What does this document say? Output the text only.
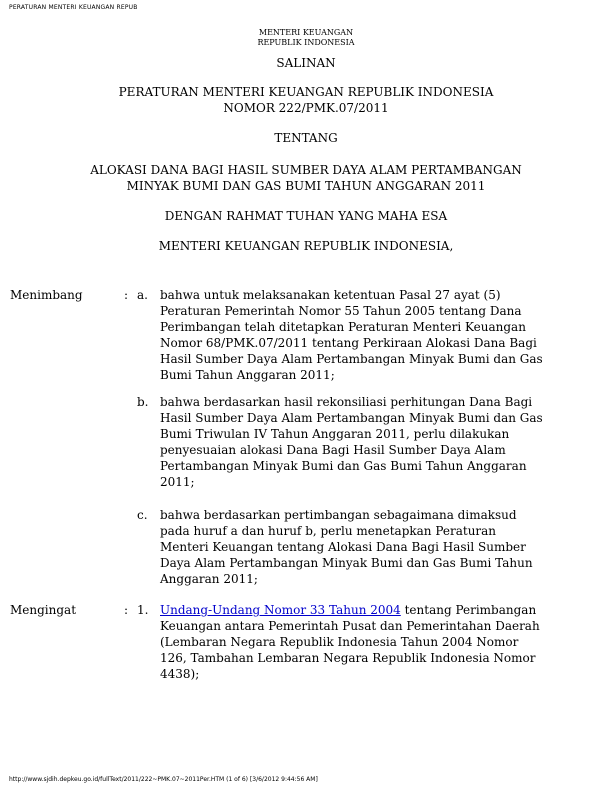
PERATURAN MENTERI KEUANGAN REPUB
MENTERI KEUANGAN
REPUBLIK INDONESIA
SALINAN
PERATURAN MENTERI KEUANGAN REPUBLIK INDONESIA
NOMOR 222/PMK.07/2011
TENTANG
ALOKASI DANA BAGI HASIL SUMBER DAYA ALAM PERTAMBANGAN
MINYAK BUMI DAN GAS BUMI TAHUN ANGGARAN 2011
DENGAN RAHMAT TUHAN YANG MAHA ESA
MENTERI KEUANGAN REPUBLIK INDONESIA,
Menimbang	: a. bahwa untuk melaksanakan ketentuan Pasal 27 ayat (5)
Peraturan Pemerintah Nomor 55 Tahun 2005 tentang Dana
Perimbangan telah ditetapkan Peraturan Menteri Keuangan
Nomor 68/PMK.07/2011 tentang Perkiraan Alokasi Dana Bagi
Hasil Sumber Daya Alam Pertambangan Minyak Bumi dan Gas
Bumi Tahun Anggaran 2011;
b. bahwa berdasarkan hasil rekonsiliasi perhitungan Dana Bagi
Hasil Sumber Daya Alam Pertambangan Minyak Bumi dan Gas
Bumi Triwulan IV Tahun Anggaran 2011, perlu dilakukan
penyesuaian alokasi Dana Bagi Hasil Sumber Daya Alam
Pertambangan Minyak Bumi dan Gas Bumi Tahun Anggaran
2011;
c. bahwa berdasarkan pertimbangan sebagaimana dimaksud
pada huruf a dan huruf b, perlu menetapkan Peraturan
Menteri Keuangan tentang Alokasi Dana Bagi Hasil Sumber
Daya Alam Pertambangan Minyak Bumi dan Gas Bumi Tahun
Anggaran 2011;
Mengingat	: 1. Undang-Undang Nomor 33 Tahun 2004 tentang Perimbangan
Keuangan antara Pemerintah Pusat dan Pemerintahan Daerah
(Lembaran Negara Republik Indonesia Tahun 2004 Nomor
126, Tambahan Lembaran Negara Republik Indonesia Nomor
4438);
http://www.sjdih.depkeu.go.id/fullText/2011/222~PMK.07~2011Per.HTM (1 of 6) [3/6/2012 9:44:56 AM]
